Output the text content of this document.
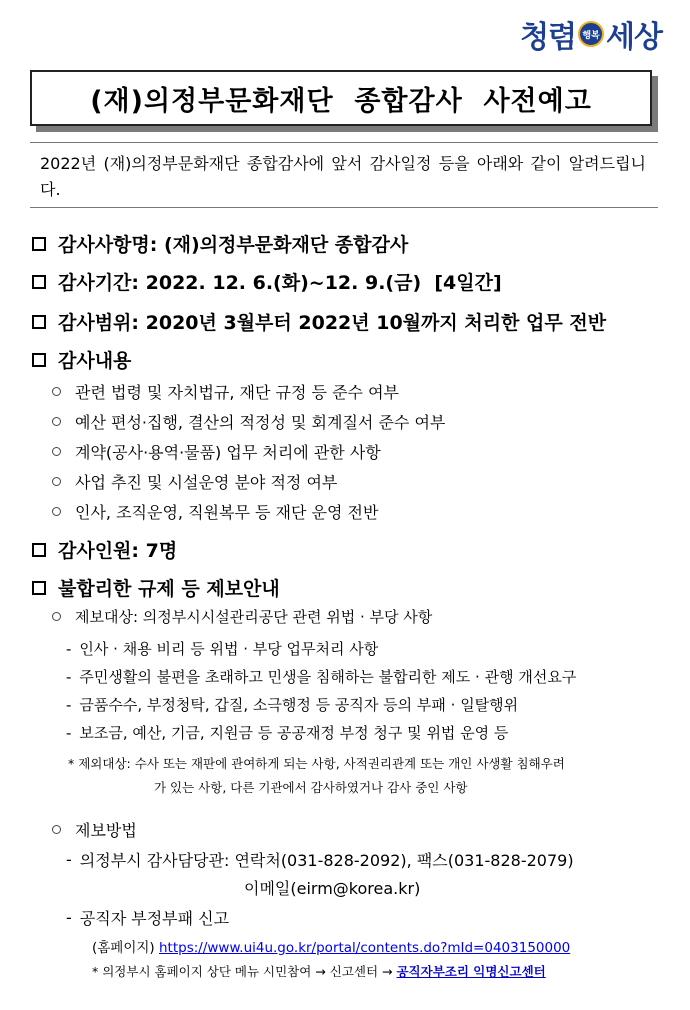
청렴 행복 세상
(재)의정부문화재단  종합감사  사전예고
2022년 (재)의정부문화재단 종합감사에 앞서 감사일정 등을 아래와 같이 알려드립니다.
감사사항명: (재)의정부문화재단 종합감사
감사기간: 2022. 12. 6.(화)~12. 9.(금)  [4일간]
감사범위: 2020년 3월부터 2022년 10월까지 처리한 업무 전반
감사내용
관련 법령 및 자치법규, 재단 규정 등 준수 여부
예산 편성·집행, 결산의 적정성 및 회계질서 준수 여부
계약(공사·용역·물품) 업무 처리에 관한 사항
사업 추진 및 시설운영 분야 적정 여부
인사, 조직운영, 직원복무 등 재단 운영 전반
감사인원: 7명
불합리한 규제 등 제보안내
제보대상: 의정부시시설관리공단 관련 위법 · 부당 사항
- 인사 · 채용 비리 등 위법 · 부당 업무처리 사항
- 주민생활의 불편을 초래하고 민생을 침해하는 불합리한 제도 · 관행 개선요구
- 금품수수, 부정청탁, 갑질, 소극행정 등 공직자 등의 부패 · 일탈행위
- 보조금, 예산, 기금, 지원금 등 공공재정 부정 청구 및 위법 운영 등
* 제외대상: 수사 또는 재판에 관여하게 되는 사항, 사적권리관계 또는 개인 사생활 침해우려
가 있는 사항, 다른 기관에서 감사하였거나 감사 중인 사항
제보방법
- 의정부시 감사담당관: 연락처(031-828-2092), 팩스(031-828-2079)
이메일(eirm@korea.kr)
- 공직자 부정부패 신고
(홈페이지) https://www.ui4u.go.kr/portal/contents.do?mId=0403150000
* 의정부시 홈페이지 상단 메뉴 시민참여 → 신고센터 → 공직자부조리 익명신고센터
